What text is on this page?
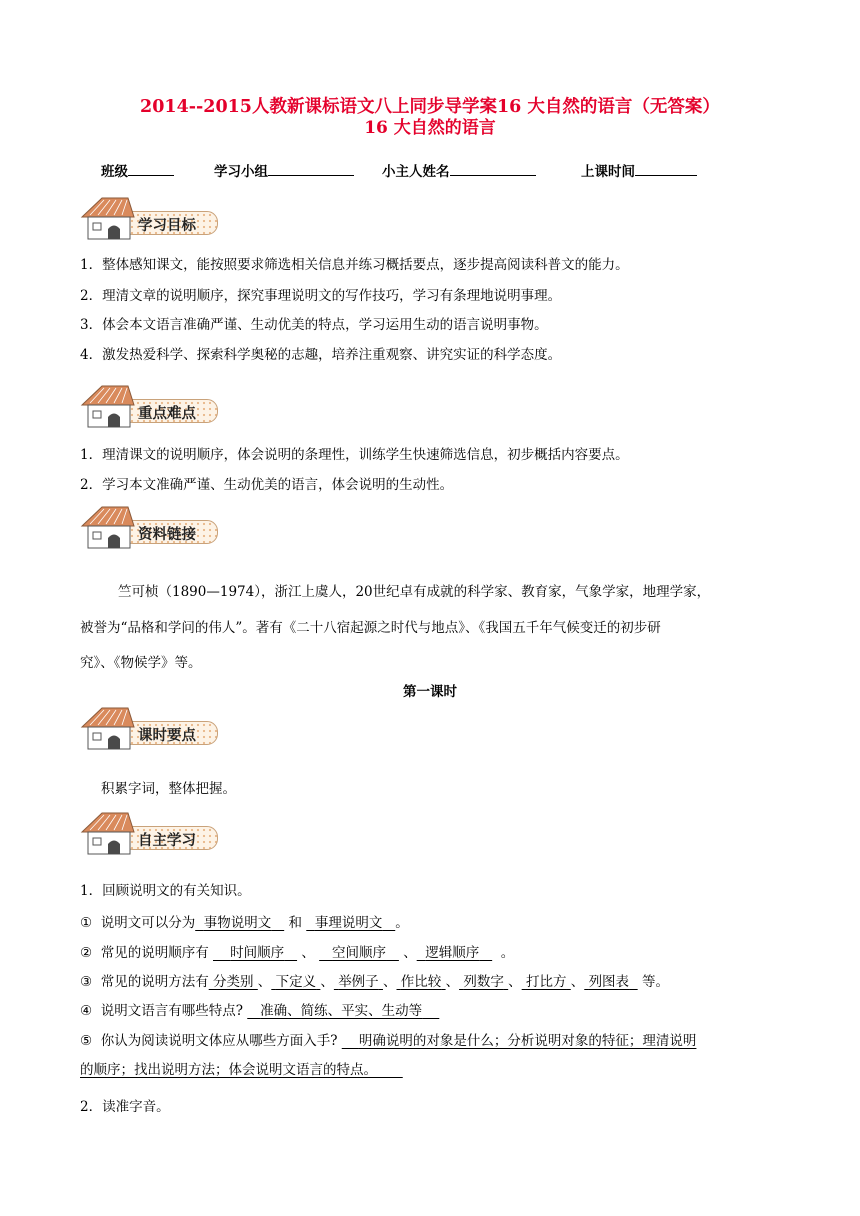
2014--2015人教新课标语文八上同步导学案16 大自然的语言（无答案）
16 大自然的语言
班级	学习小组	小主人姓名	上课时间
学习目标
1．整体感知课文，能按照要求筛选相关信息并练习概括要点，逐步提高阅读科普文的能力。
2．理清文章的说明顺序，探究事理说明文的写作技巧，学习有条理地说明事理。
3．体会本文语言准确严谨、生动优美的特点，学习运用生动的语言说明事物。
4．激发热爱科学、探索科学奥秘的志趣，培养注重观察、讲究实证的科学态度。
重点难点
1．理清课文的说明顺序，体会说明的条理性，训练学生快速筛选信息，初步概括内容要点。
2．学习本文准确严谨、生动优美的语言，体会说明的生动性。
资料链接
竺可桢（1890—1974），浙江上虞人，20世纪卓有成就的科学家、教育家，气象学家，地理学家，
被誉为“品格和学问的伟人”。著有《二十八宿起源之时代与地点》、《我国五千年气候变迁的初步研
究》、《物候学》等。
第一课时
课时要点
积累字词，整体把握。
自主学习
1．回顾说明文的有关知识。
① 说明文可以分为 事物说明文 和 事理说明文 。
② 常见的说明顺序有 时间顺序 、 空间顺序 、 逻辑顺序 。
③ 常见的说明方法有 分类别 、 下定义 、 举例子 、 作比较 、 列数字 、 打比方 、 列图表 等。
④ 说明文语言有哪些特点? 准确、简练、平实、生动等
⑤ 你认为阅读说明文体应从哪些方面入手? 明确说明的对象是什么；分析说明对象的特征；理清说明
的顺序；找出说明方法；体会说明文语言的特点。
2．读准字音。
